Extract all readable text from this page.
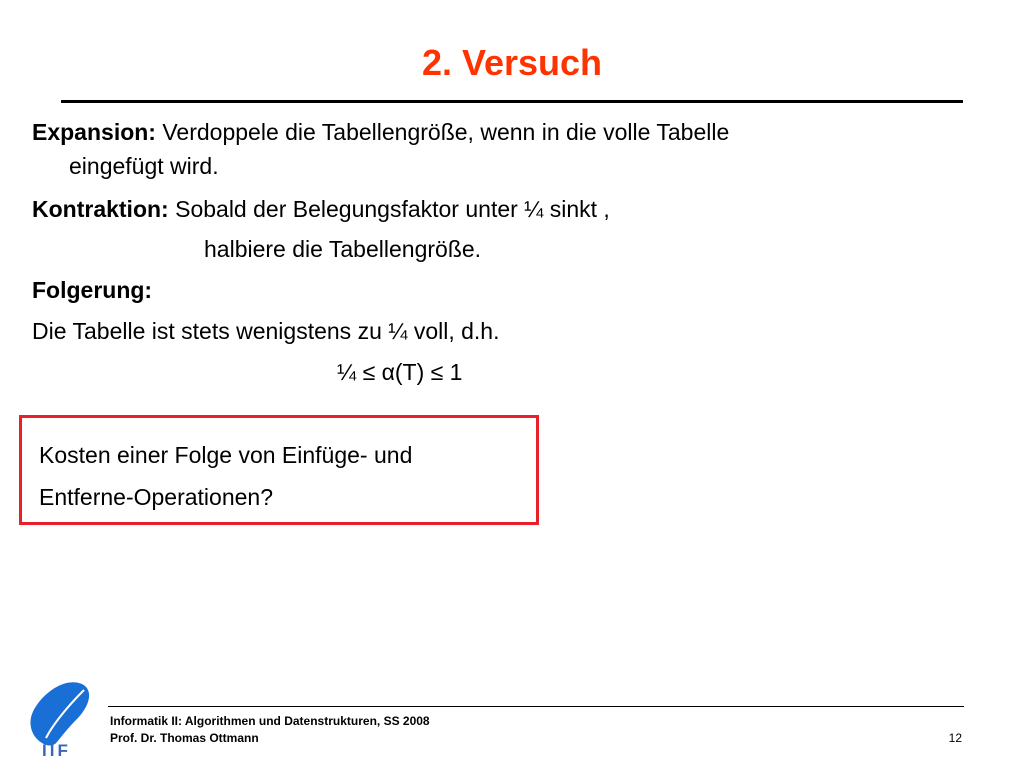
2. Versuch
Expansion: Verdoppele die Tabellengröße, wenn in die volle Tabelle
eingefügt wird.
Kontraktion: Sobald der Belegungsfaktor unter ¼ sinkt ,
halbiere die Tabellengröße.
Folgerung:
Die Tabelle ist stets wenigstens zu ¼ voll, d.h.
¼ ≤ α(T) ≤ 1
Kosten einer Folge von Einfüge- und
Entferne-Operationen?
IIF
Informatik II: Algorithmen und Datenstrukturen, SS 2008
Prof. Dr. Thomas Ottmann	12
